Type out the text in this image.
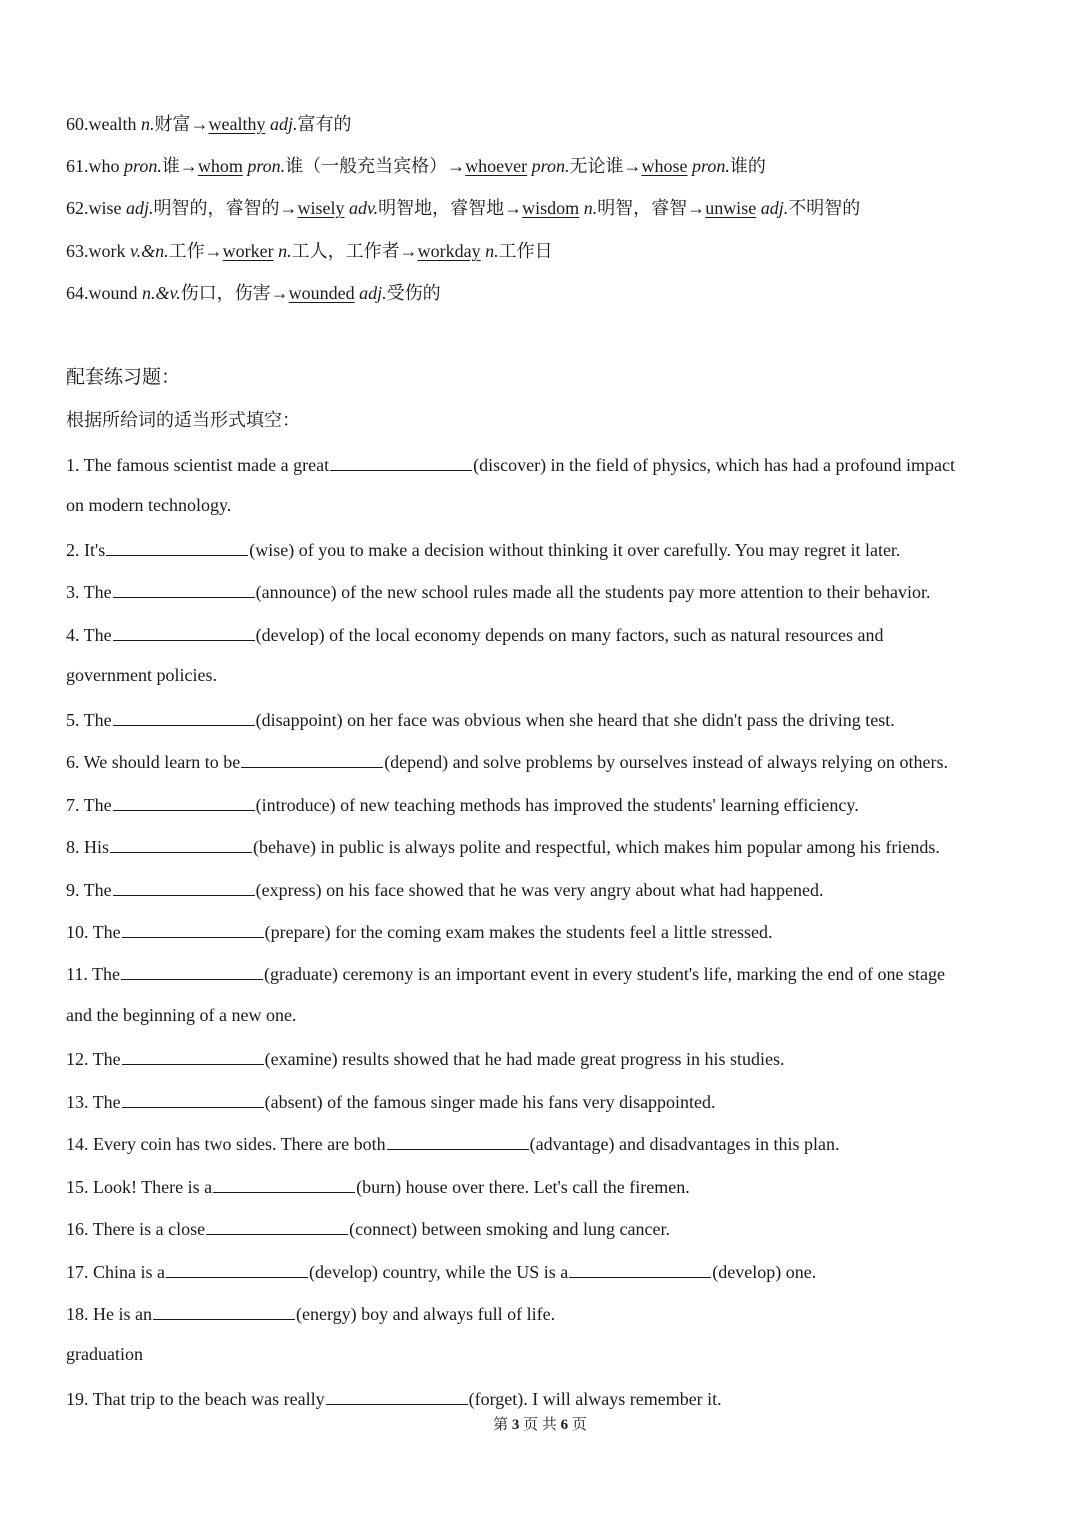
60.wealth n.财富→wealthy adj.富有的
61.who pron.谁→whom pron.谁（一般充当宾格）→whoever pron.无论谁→whose pron.谁的
62.wise adj.明智的，睿智的→wisely adv.明智地，睿智地→wisdom n.明智，睿智→unwise adj.不明智的
63.work v.&n.工作→worker n.工人，工作者→workday n.工作日
64.wound n.&v.伤口，伤害→wounded adj.受伤的
配套练习题：
根据所给词的适当形式填空：
1. The famous scientist made a great	(discover) in the field of physics, which has had a profound impact
on modern technology.
2. It's	(wise) of you to make a decision without thinking it over carefully. You may regret it later.
3. The	(announce) of the new school rules made all the students pay more attention to their behavior.
4. The	(develop) of the local economy depends on many factors, such as natural resources and
government policies.
5. The	(disappoint) on her face was obvious when she heard that she didn't pass the driving test.
6. We should learn to be	(depend) and solve problems by ourselves instead of always relying on others.
7. The	(introduce) of new teaching methods has improved the students' learning efficiency.
8. His	(behave) in public is always polite and respectful, which makes him popular among his friends.
9. The	(express) on his face showed that he was very angry about what had happened.
10. The	(prepare) for the coming exam makes the students feel a little stressed.
11. The	(graduate) ceremony is an important event in every student's life, marking the end of one stage
and the beginning of a new one.
12. The	(examine) results showed that he had made great progress in his studies.
13. The	(absent) of the famous singer made his fans very disappointed.
14. Every coin has two sides. There are both	(advantage) and disadvantages in this plan.
15. Look! There is a	(burn) house over there. Let's call the firemen.
16. There is a close	(connect) between smoking and lung cancer.
17. China is a	(develop) country, while the US is a	(develop) one.
18. He is an	(energy) boy and always full of life.
graduation
19. That trip to the beach was really	(forget). I will always remember it.
第 3 页 共 6 页
